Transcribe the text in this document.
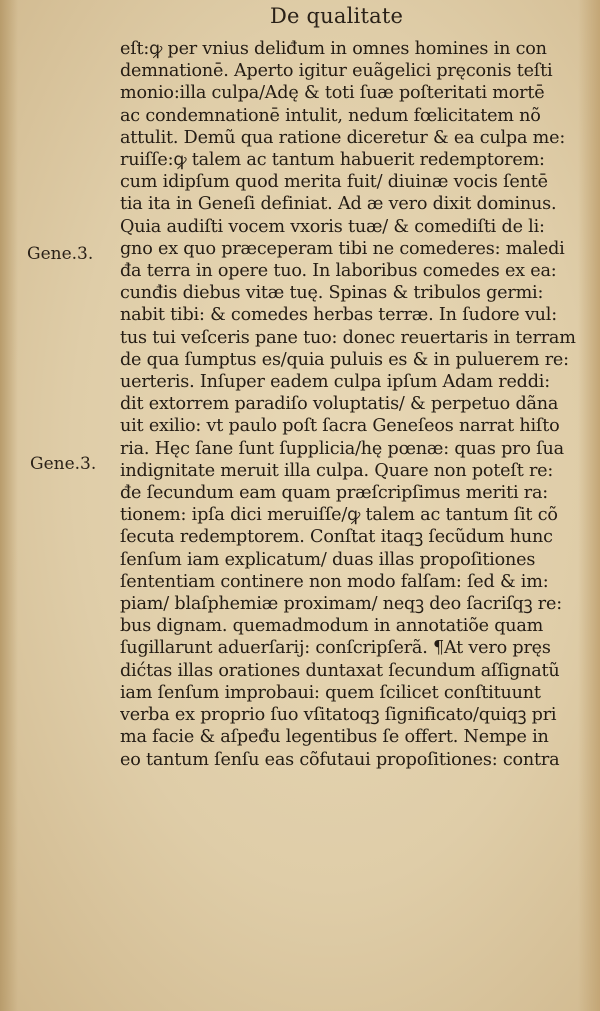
De qualitate
Gene.3.
Gene.3.
eſt:ꝙ per vnius deliđum in omnes homines in con
demnationē. Aperto igitur euãgelici pręconis teſti
monio:illa culpa/Adę & toti ſuæ poſteritati mortē
ac condemnationē intulit, nedum fœlicitatem nõ
attulit. Demũ qua ratione diceretur & ea culpa me:
ruiſſe:ꝙ talem ac tantum habuerit redemptorem:
cum idipſum quod merita fuit/ diuinæ vocis ſentē
tia ita in Geneſi definiat. Ad æ vero dixit dominus.
Quia audiſti vocem vxoris tuæ/ & comediſti de li:
gno ex quo præceperam tibi ne comederes: maledi
đa terra in opere tuo. In laboribus comedes ex ea:
cunđis diebus vitæ tuę. Spinas & tribulos germi:
nabit tibi: & comedes herbas terræ. In ſudore vul:
tus tui veſceris pane tuo: donec reuertaris in terram
de qua ſumptus es/quia puluis es & in puluerem re:
uerteris. Inſuper eadem culpa ipſum Adam reddi:
dit extorrem paradiſo voluptatis/ & perpetuo dãna
uit exilio: vt paulo poſt ſacra Geneſeos narrat hiſto
ria. Hęc ſane ſunt ſupplicia/hę pœnæ: quas pro ſua
indignitate meruit illa culpa. Quare non poteſt re:
đe ſecundum eam quam præſcripſimus meriti ra:
tionem: ipſa dici meruiſſe/ꝙ talem ac tantum ſit cõ
ſecuta redemptorem. Conſtat itaqꝫ ſecũdum hunc
ſenſum iam explicatum/ duas illas propoſitiones
ſententiam continere non modo falſam: ſed & im:
piam/ blaſphemiæ proximam/ neqꝫ deo ſacriſqꝫ re:
bus dignam. quemadmodum in annotatiõe quam
ſugillarunt aduerſarij: conſcripſerã. ¶At vero pręs
dićtas illas orationes duntaxat ſecundum aſſignatũ
iam ſenſum improbaui: quem ſcilicet conſtituunt
verba ex proprio ſuo vſitatoqꝫ ſignificato/quiqꝫ pri
ma facie & aſpeđu legentibus ſe offert. Nempe in
eo tantum ſenſu eas cõfutaui propoſitiones: contra
